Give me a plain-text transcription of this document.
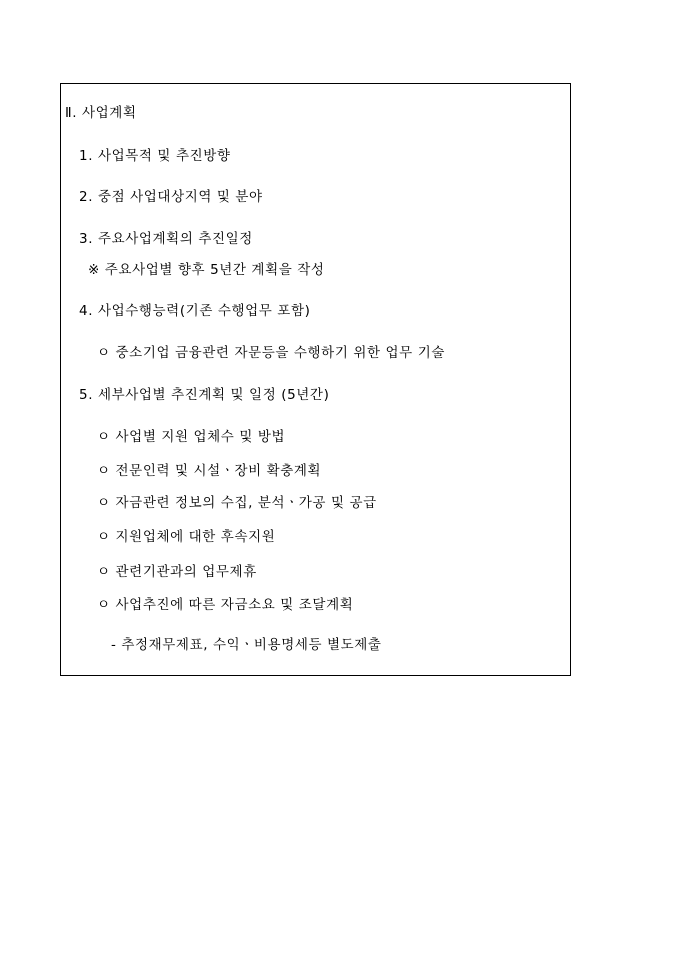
Ⅱ. 사업계획
1. 사업목적 및 추진방향
2. 중점 사업대상지역 및 분야
3. 주요사업계획의 추진일정
※ 주요사업별 향후 5년간 계획을 작성
4. 사업수행능력(기존 수행업무 포함)
ㅇ 중소기업 금융관련 자문등을 수행하기 위한 업무 기술
5. 세부사업별 추진계획 및 일정 (5년간)
ㅇ 사업별 지원 업체수 및 방법
ㅇ 전문인력 및 시설ㆍ장비 확충계획
ㅇ 자금관련 정보의 수집, 분석ㆍ가공 및 공급
ㅇ 지원업체에 대한 후속지원
ㅇ 관련기관과의 업무제휴
ㅇ 사업추진에 따른 자금소요 및 조달계획
- 추정재무제표, 수익ㆍ비용명세등 별도제출
